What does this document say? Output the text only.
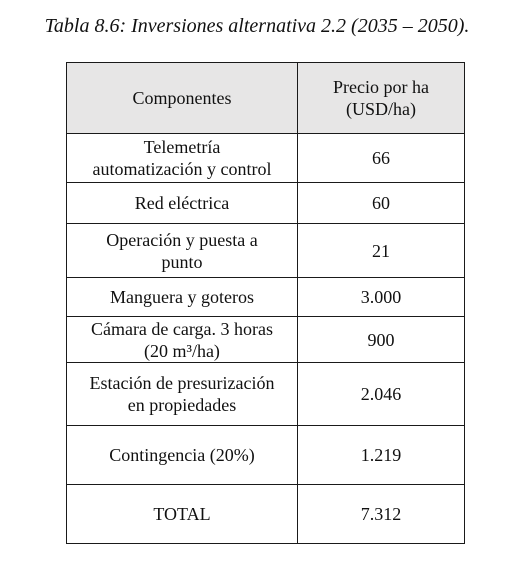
Tabla 8.6: Inversiones alternativa 2.2 (2035 – 2050).
Componentes	Precio por ha
(USD/ha)
Telemetría
automatización y control	66
Red eléctrica	60
Operación y puesta a
punto	21
Manguera y goteros	3.000
Cámara de carga. 3 horas
(20 m³/ha)	900
Estación de presurización
en propiedades	2.046
Contingencia (20%)	1.219
TOTAL	7.312
